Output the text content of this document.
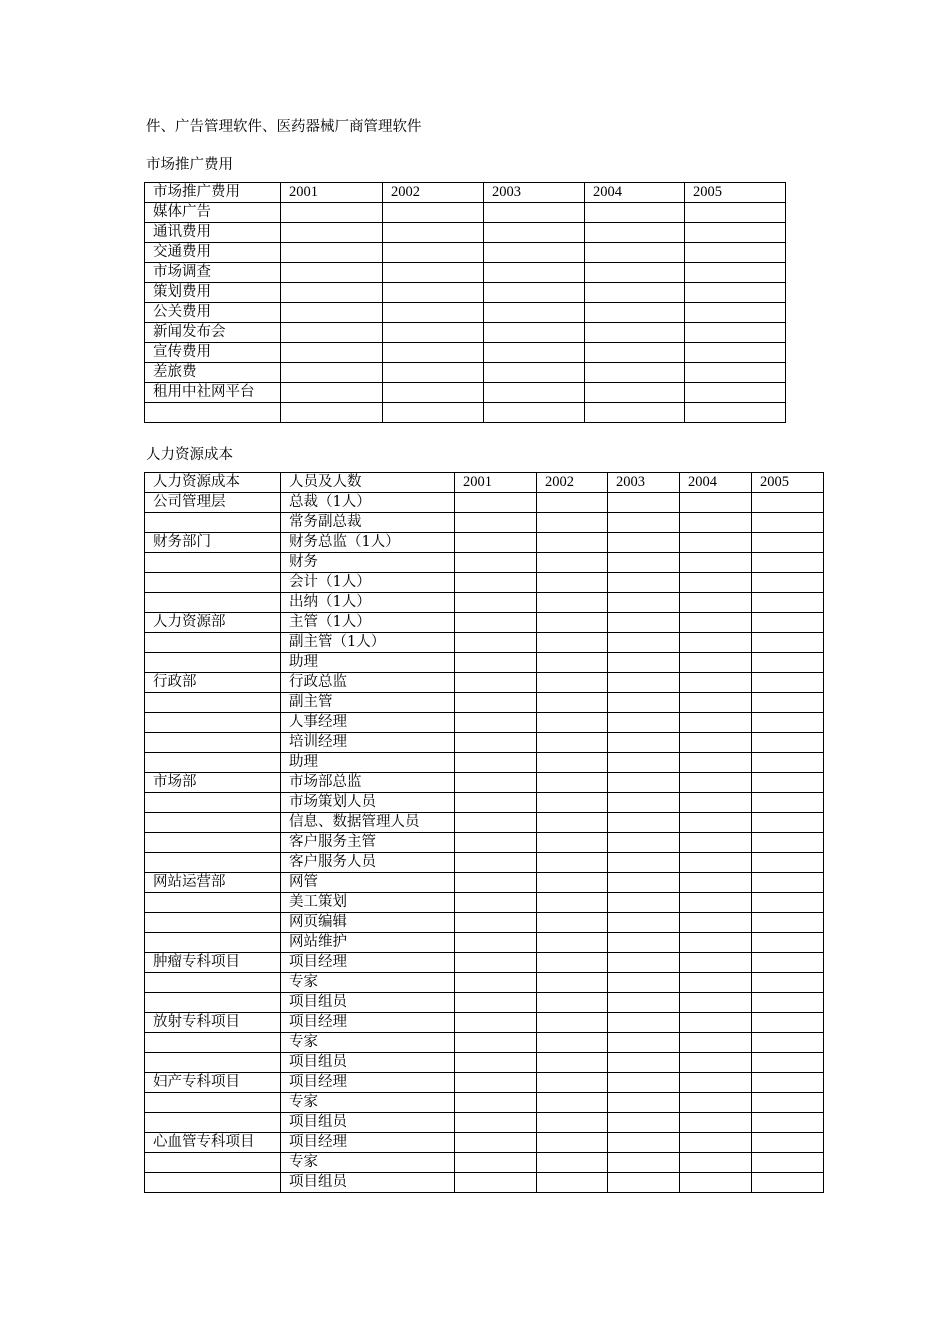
件、广告管理软件、医药器械厂商管理软件
市场推广费用
市场推广费用	2001	2002	2003	2004	2005
媒体广告					
通讯费用					
交通费用					
市场调查					
策划费用					
公关费用					
新闻发布会					
宣传费用					
差旅费					
租用中社网平台					

人力资源成本
人力资源成本	人员及人数	2001	2002	2003	2004	2005
公司管理层	总裁（1人）					
	常务副总裁					
财务部门	财务总监（1人）					
	财务					
	会计（1人）					
	出纳（1人）					
人力资源部	主管（1人）					
	副主管（1人）					
	助理					
行政部	行政总监					
	副主管					
	人事经理					
	培训经理					
	助理					
市场部	市场部总监					
	市场策划人员					
	信息、数据管理人员					
	客户服务主管					
	客户服务人员					
网站运营部	网管					
	美工策划					
	网页编辑					
	网站维护					
肿瘤专科项目	项目经理					
	专家					
	项目组员					
放射专科项目	项目经理					
	专家					
	项目组员					
妇产专科项目	项目经理					
	专家					
	项目组员					
心血管专科项目	项目经理					
	专家					
	项目组员					
